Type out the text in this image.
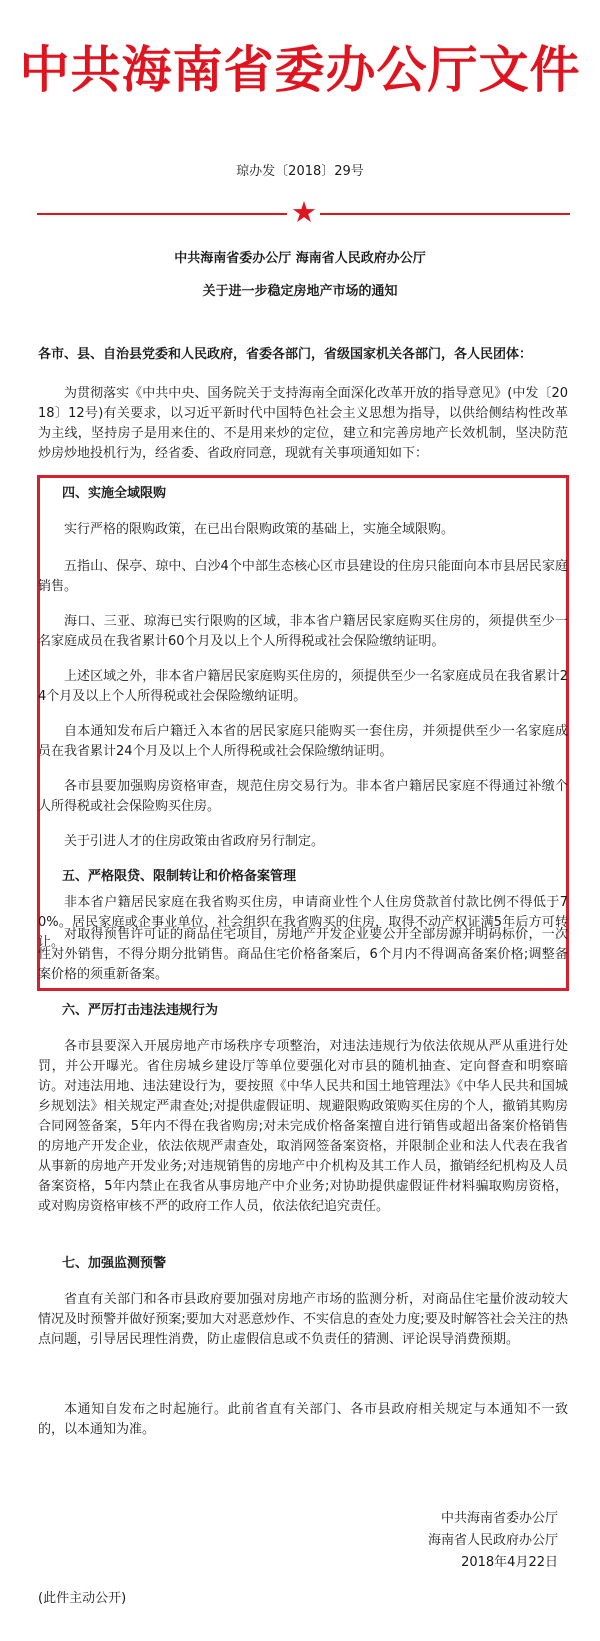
中共海南省委办公厅文件
琼办发〔2018〕29号
★
中共海南省委办公厅 海南省人民政府办公厅
关于进一步稳定房地产市场的通知
各市、县、自治县党委和人民政府，省委各部门，省级国家机关各部门，各人民团体：
为贯彻落实《中共中央、国务院关于支持海南全面深化改革开放的指导意见》(中发〔2018〕12号)有关要求，以习近平新时代中国特色社会主义思想为指导，以供给侧结构性改革为主线，坚持房子是用来住的、不是用来炒的定位，建立和完善房地产长效机制，坚决防范炒房炒地投机行为，经省委、省政府同意，现就有关事项通知如下：
四、实施全域限购
实行严格的限购政策，在已出台限购政策的基础上，实施全域限购。
五指山、保亭、琼中、白沙4个中部生态核心区市县建设的住房只能面向本市县居民家庭销售。
海口、三亚、琼海已实行限购的区域，非本省户籍居民家庭购买住房的，须提供至少一名家庭成员在我省累计60个月及以上个人所得税或社会保险缴纳证明。
上述区域之外，非本省户籍居民家庭购买住房的，须提供至少一名家庭成员在我省累计24个月及以上个人所得税或社会保险缴纳证明。
自本通知发布后户籍迁入本省的居民家庭只能购买一套住房，并须提供至少一名家庭成员在我省累计24个月及以上个人所得税或社会保险缴纳证明。
各市县要加强购房资格审查，规范住房交易行为。非本省户籍居民家庭不得通过补缴个人所得税或社会保险购买住房。
关于引进人才的住房政策由省政府另行制定。
五、严格限贷、限制转让和价格备案管理
非本省户籍居民家庭在我省购买住房，申请商业性个人住房贷款首付款比例不得低于70%。居民家庭或企事业单位、社会组织在我省购买的住房，取得不动产权证满5年后方可转让。
对取得预售许可证的商品住宅项目，房地产开发企业要公开全部房源并明码标价，一次性对外销售，不得分期分批销售。商品住宅价格备案后，6个月内不得调高备案价格;调整备案价格的须重新备案。
六、严厉打击违法违规行为
各市县要深入开展房地产市场秩序专项整治，对违法违规行为依法依规从严从重进行处罚，并公开曝光。省住房城乡建设厅等单位要强化对市县的随机抽查、定向督查和明察暗访。对违法用地、违法建设行为，要按照《中华人民共和国土地管理法》《中华人民共和国城乡规划法》相关规定严肃查处;对提供虚假证明、规避限购政策购买住房的个人，撤销其购房合同网签备案，5年内不得在我省购房;对未完成价格备案擅自进行销售或超出备案价格销售的房地产开发企业，依法依规严肃查处，取消网签备案资格，并限制企业和法人代表在我省从事新的房地产开发业务;对违规销售的房地产中介机构及其工作人员，撤销经纪机构及人员备案资格，5年内禁止在我省从事房地产中介业务;对协助提供虚假证件材料骗取购房资格，或对购房资格审核不严的政府工作人员，依法依纪追究责任。
七、加强监测预警
省直有关部门和各市县政府要加强对房地产市场的监测分析，对商品住宅量价波动较大情况及时预警并做好预案;要加大对恶意炒作、不实信息的查处力度;要及时解答社会关注的热点问题，引导居民理性消费，防止虚假信息或不负责任的猜测、评论误导消费预期。
本通知自发布之时起施行。此前省直有关部门、各市县政府相关规定与本通知不一致的，以本通知为准。
中共海南省委办公厅
海南省人民政府办公厅
2018年4月22日
(此件主动公开)
